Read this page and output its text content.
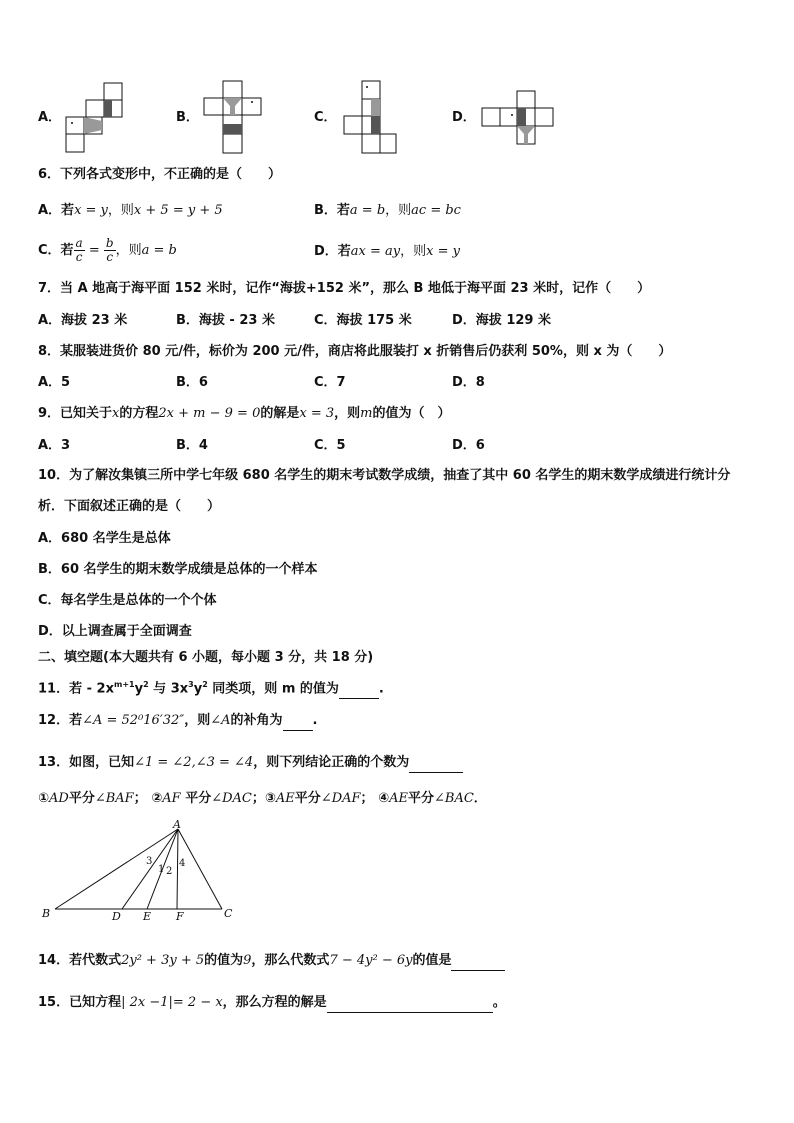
A．	B．	C．	D．
6．下列各式变形中，不正确的是（　　）
A．若x = y，则x + 5 = y + 5	B．若a = b，则ac = bc
C．若 $\frac{a}{c} = \frac{b}{c}$ ，则a = b	D．若ax = ay，则x = y
7．当 A 地高于海平面 152 米时，记作“海拔+152 米”，那么 B 地低于海平面 23 米时，记作（　　）
A．海拔 23 米	B．海拔 - 23 米	C．海拔 175 米	D．海拔 129 米
8．某服装进货价 80 元/件，标价为 200 元/件，商店将此服装打 x 折销售后仍获利 50%，则 x 为（　　）
A．5	B．6	C．7	D．8
9．已知关于x的方程2x + m − 9 = 0的解是x = 3，则m的值为（　）
A．3	B．4	C．5	D．6
10．为了解汝集镇三所中学七年级 680 名学生的期末考试数学成绩，抽查了其中 60 名学生的期末数学成绩进行统计分
析．下面叙述正确的是（　　）
A．680 名学生是总体
B．60 名学生的期末数学成绩是总体的一个样本
C．每名学生是总体的一个个体
D．以上调查属于全面调查
二、填空题(本大题共有 6 小题，每小题 3 分，共 18 分)
11．若 - $2x^{m+1}y^2$ 与 $3x^3y^2$ 同类项，则 m 的值为	.
12．若∠A = 52⁰16′32″，则∠A的补角为 .
13．如图，已知∠1 = ∠2,∠3 = ∠4，则下列结论正确的个数为
①AD平分∠BAF； ②AF 平分∠DAC；③AE平分∠DAF； ④AE平分∠BAC．
A
B	C
D E F
3
1 2
4
14．若代数式2y² + 3y + 5的值为9，那么代数式7 − 4y² − 6y的值是
15．已知方程| 2x −1|= 2 − x，那么方程的解是	。
